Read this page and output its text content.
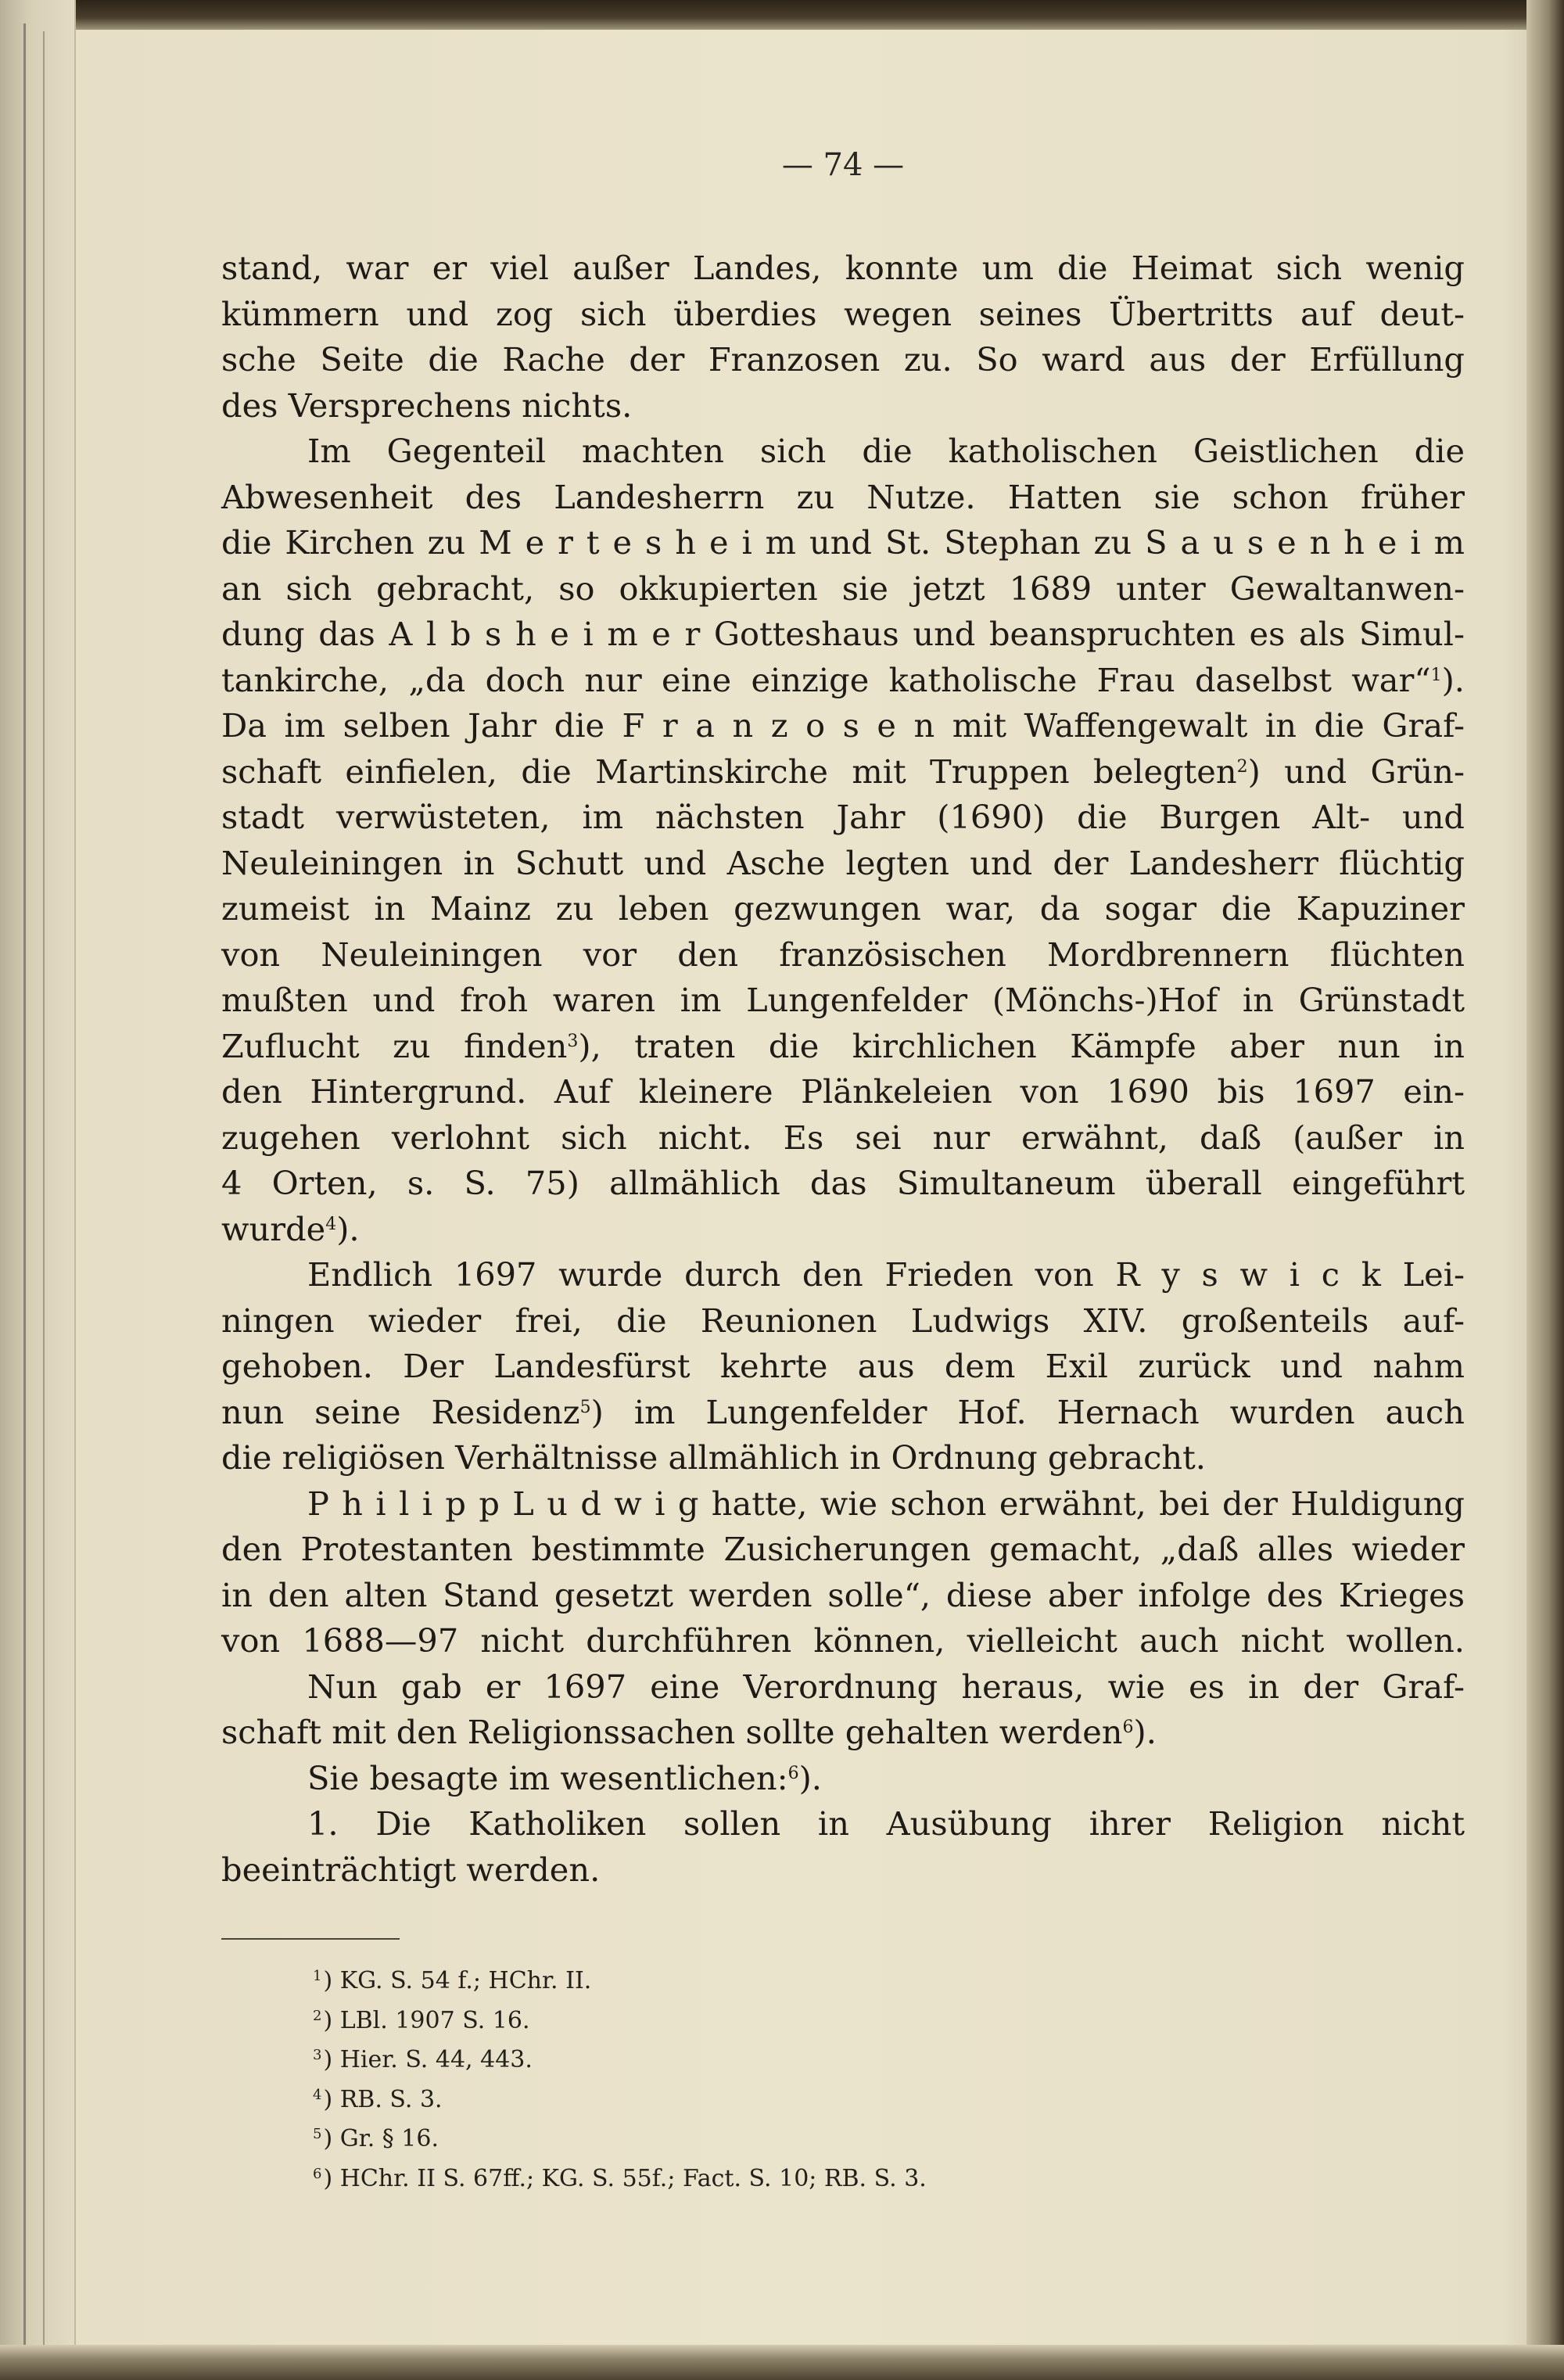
— 74 —
stand, war er viel außer Landes, konnte um die Heimat sich wenig
kümmern und zog sich überdies wegen seines Übertritts auf deut-
sche Seite die Rache der Franzosen zu. So ward aus der Erfüllung
des Versprechens nichts.
Im Gegenteil machten sich die katholischen Geistlichen die
Abwesenheit des Landesherrn zu Nutze. Hatten sie schon früher
die Kirchen zu M e r t e s h e i m und St. Stephan zu S a u s e n h e i m
an sich gebracht, so okkupierten sie jetzt 1689 unter Gewaltanwen-
dung das A l b s h e i m e r Gotteshaus und beanspruchten es als Simul-
tankirche, „da doch nur eine einzige katholische Frau daselbst war“$^1$).
Da im selben Jahr die F r a n z o s e n mit Waffengewalt in die Graf-
schaft einfielen, die Martinskirche mit Truppen belegten$^2$) und Grün-
stadt verwüsteten, im nächsten Jahr (1690) die Burgen Alt- und
Neuleiningen in Schutt und Asche legten und der Landesherr flüchtig
zumeist in Mainz zu leben gezwungen war, da sogar die Kapuziner
von Neuleiningen vor den französischen Mordbrennern flüchten
mußten und froh waren im Lungenfelder (Mönchs-)Hof in Grünstadt
Zuflucht zu finden$^3$), traten die kirchlichen Kämpfe aber nun in
den Hintergrund. Auf kleinere Plänkeleien von 1690 bis 1697 ein-
zugehen verlohnt sich nicht. Es sei nur erwähnt, daß (außer in
4 Orten, s. S. 75) allmählich das Simultaneum überall eingeführt
wurde$^4$).
Endlich 1697 wurde durch den Frieden von R y s w i c k Lei-
ningen wieder frei, die Reunionen Ludwigs XIV. großenteils auf-
gehoben. Der Landesfürst kehrte aus dem Exil zurück und nahm
nun seine Residenz$^5$) im Lungenfelder Hof. Hernach wurden auch
die religiösen Verhältnisse allmählich in Ordnung gebracht.
P h i l i p p L u d w i g hatte, wie schon erwähnt, bei der Huldigung
den Protestanten bestimmte Zusicherungen gemacht, „daß alles wieder
in den alten Stand gesetzt werden solle“, diese aber infolge des Krieges
von 1688—97 nicht durchführen können, vielleicht auch nicht wollen.
Nun gab er 1697 eine Verordnung heraus, wie es in der Graf-
schaft mit den Religionssachen sollte gehalten werden$^6$).
Sie besagte im wesentlichen:$^6$).
1. Die Katholiken sollen in Ausübung ihrer Religion nicht
beeinträchtigt werden.
$^1$) KG. S. 54 f.; HChr. II.
$^2$) LBl. 1907 S. 16.
$^3$) Hier. S. 44, 443.
$^4$) RB. S. 3.
$^5$) Gr. § 16.
$^6$) HChr. II S. 67ff.; KG. S. 55f.; Fact. S. 10; RB. S. 3.
